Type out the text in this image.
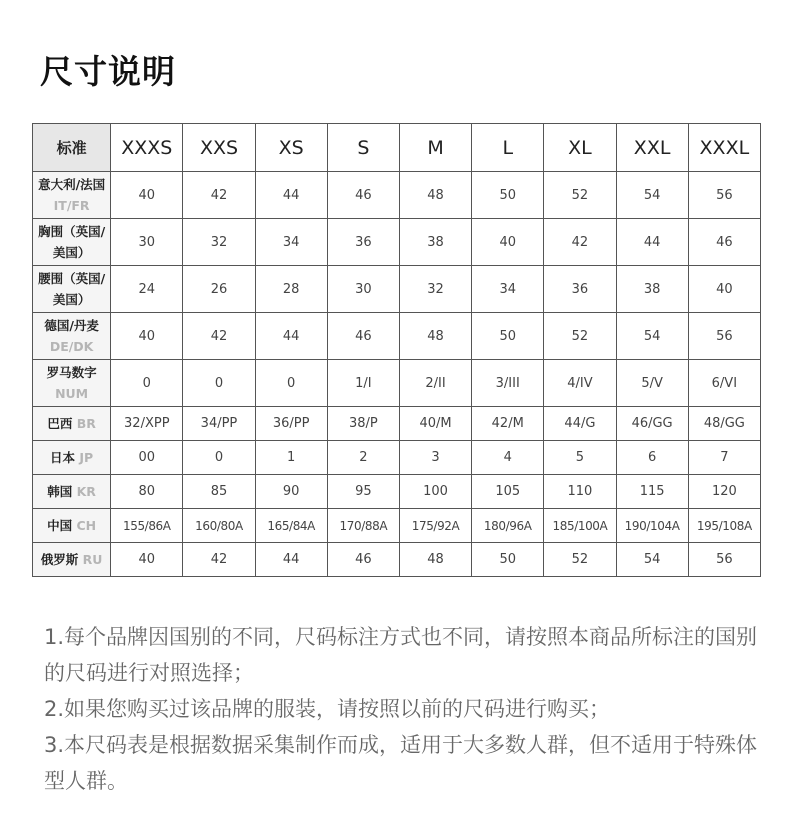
尺寸说明
标准	XXXS	XXS	XS	S	M	L	XL	XXL	XXXL
意大利/法国 IT/FR	40	42	44	46	48	50	52	54	56
胸围（英国/美国）	30	32	34	36	38	40	42	44	46
腰围（英国/美国）	24	26	28	30	32	34	36	38	40
德国/丹麦 DE/DK	40	42	44	46	48	50	52	54	56
罗马数字 NUM	0	0	0	1/I	2/II	3/III	4/IV	5/V	6/VI
巴西 BR	32/XPP	34/PP	36/PP	38/P	40/M	42/M	44/G	46/GG	48/GG
日本 JP	00	0	1	2	3	4	5	6	7
韩国 KR	80	85	90	95	100	105	110	115	120
中国 CH	155/86A	160/80A	165/84A	170/88A	175/92A	180/96A	185/100A	190/104A	195/108A
俄罗斯 RU	40	42	44	46	48	50	52	54	56

1.每个品牌因国别的不同，尺码标注方式也不同，请按照本商品所标注的国别的尺码进行对照选择；

2.如果您购买过该品牌的服装，请按照以前的尺码进行购买；

3.本尺码表是根据数据采集制作而成，适用于大多数人群，但不适用于特殊体型人群。
